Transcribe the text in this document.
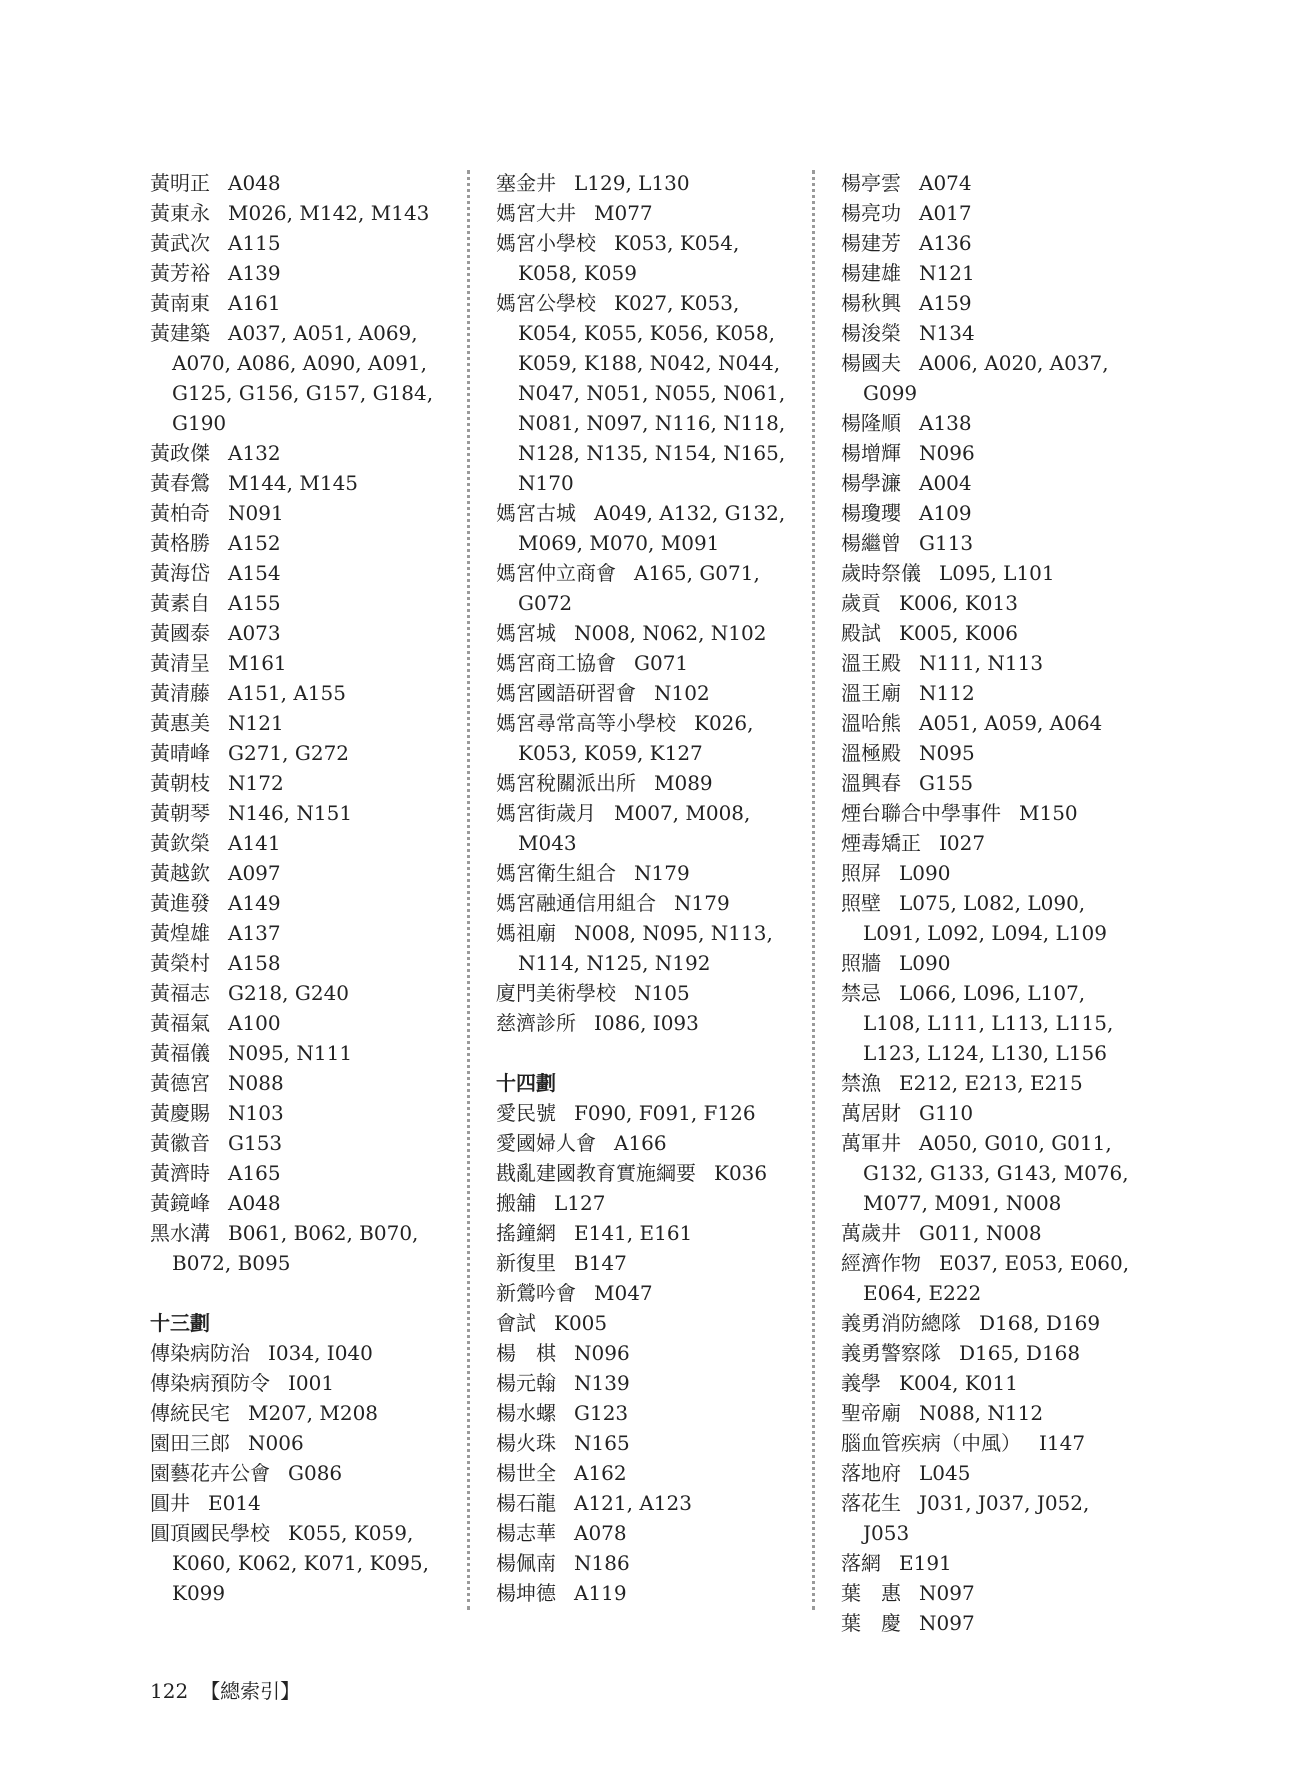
黃明正 A048
黃東永 M026, M142, M143
黃武次 A115
黃芳裕 A139
黃南東 A161
黃建築 A037, A051, A069, A070, A086, A090, A091, G125, G156, G157, G184, G190
黃政傑 A132
黃春鶯 M144, M145
黃柏奇 N091
黃格勝 A152
黃海岱 A154
黃素自 A155
黃國泰 A073
黃清呈 M161
黃清藤 A151, A155
黃惠美 N121
黃晴峰 G271, G272
黃朝枝 N172
黃朝琴 N146, N151
黃欽榮 A141
黃越欽 A097
黃進發 A149
黃煌雄 A137
黃榮村 A158
黃福志 G218, G240
黃福氣 A100
黃福儀 N095, N111
黃德宮 N088
黃慶賜 N103
黃徽音 G153
黃濟時 A165
黃鏡峰 A048
黑水溝 B061, B062, B070, B072, B095
十三劃
傳染病防治 I034, I040
傳染病預防令 I001
傳統民宅 M207, M208
園田三郎 N006
園藝花卉公會 G086
圓井 E014
圓頂國民學校 K055, K059, K060, K062, K071, K095, K099
塞金井 L129, L130
媽宮大井 M077
媽宮小學校 K053, K054, K058, K059
媽宮公學校 K027, K053, K054, K055, K056, K058, K059, K188, N042, N044, N047, N051, N055, N061, N081, N097, N116, N118, N128, N135, N154, N165, N170
媽宮古城 A049, A132, G132, M069, M070, M091
媽宮仲立商會 A165, G071, G072
媽宮城 N008, N062, N102
媽宮商工協會 G071
媽宮國語研習會 N102
媽宮尋常高等小學校 K026, K053, K059, K127
媽宮稅關派出所 M089
媽宮街歲月 M007, M008, M043
媽宮衛生組合 N179
媽宮融通信用組合 N179
媽祖廟 N008, N095, N113, N114, N125, N192
廈門美術學校 N105
慈濟診所 I086, I093
十四劃
愛民號 F090, F091, F126
愛國婦人會 A166
戡亂建國教育實施綱要 K036
搬舖 L127
搖鐘網 E141, E161
新復里 B147
新鶯吟會 M047
會試 K005
楊　棋 N096
楊元翰 N139
楊水螺 G123
楊火珠 N165
楊世全 A162
楊石龍 A121, A123
楊志華 A078
楊佩南 N186
楊坤德 A119
楊亭雲 A074
楊亮功 A017
楊建芳 A136
楊建雄 N121
楊秋興 A159
楊浚榮 N134
楊國夫 A006, A020, A037, G099
楊隆順 A138
楊增輝 N096
楊學濂 A004
楊瓊瓔 A109
楊繼曾 G113
歲時祭儀 L095, L101
歲貢 K006, K013
殿試 K005, K006
溫王殿 N111, N113
溫王廟 N112
溫哈熊 A051, A059, A064
溫極殿 N095
溫興春 G155
煙台聯合中學事件 M150
煙毒矯正 I027
照屏 L090
照壁 L075, L082, L090, L091, L092, L094, L109
照牆 L090
禁忌 L066, L096, L107, L108, L111, L113, L115, L123, L124, L130, L156
禁漁 E212, E213, E215
萬居財 G110
萬軍井 A050, G010, G011, G132, G133, G143, M076, M077, M091, N008
萬歲井 G011, N008
經濟作物 E037, E053, E060, E064, E222
義勇消防總隊 D168, D169
義勇警察隊 D165, D168
義學 K004, K011
聖帝廟 N088, N112
腦血管疾病（中風） I147
落地府 L045
落花生 J031, J037, J052, J053
落網 E191
葉　惠 N097
葉　慶 N097
122 【總索引】
